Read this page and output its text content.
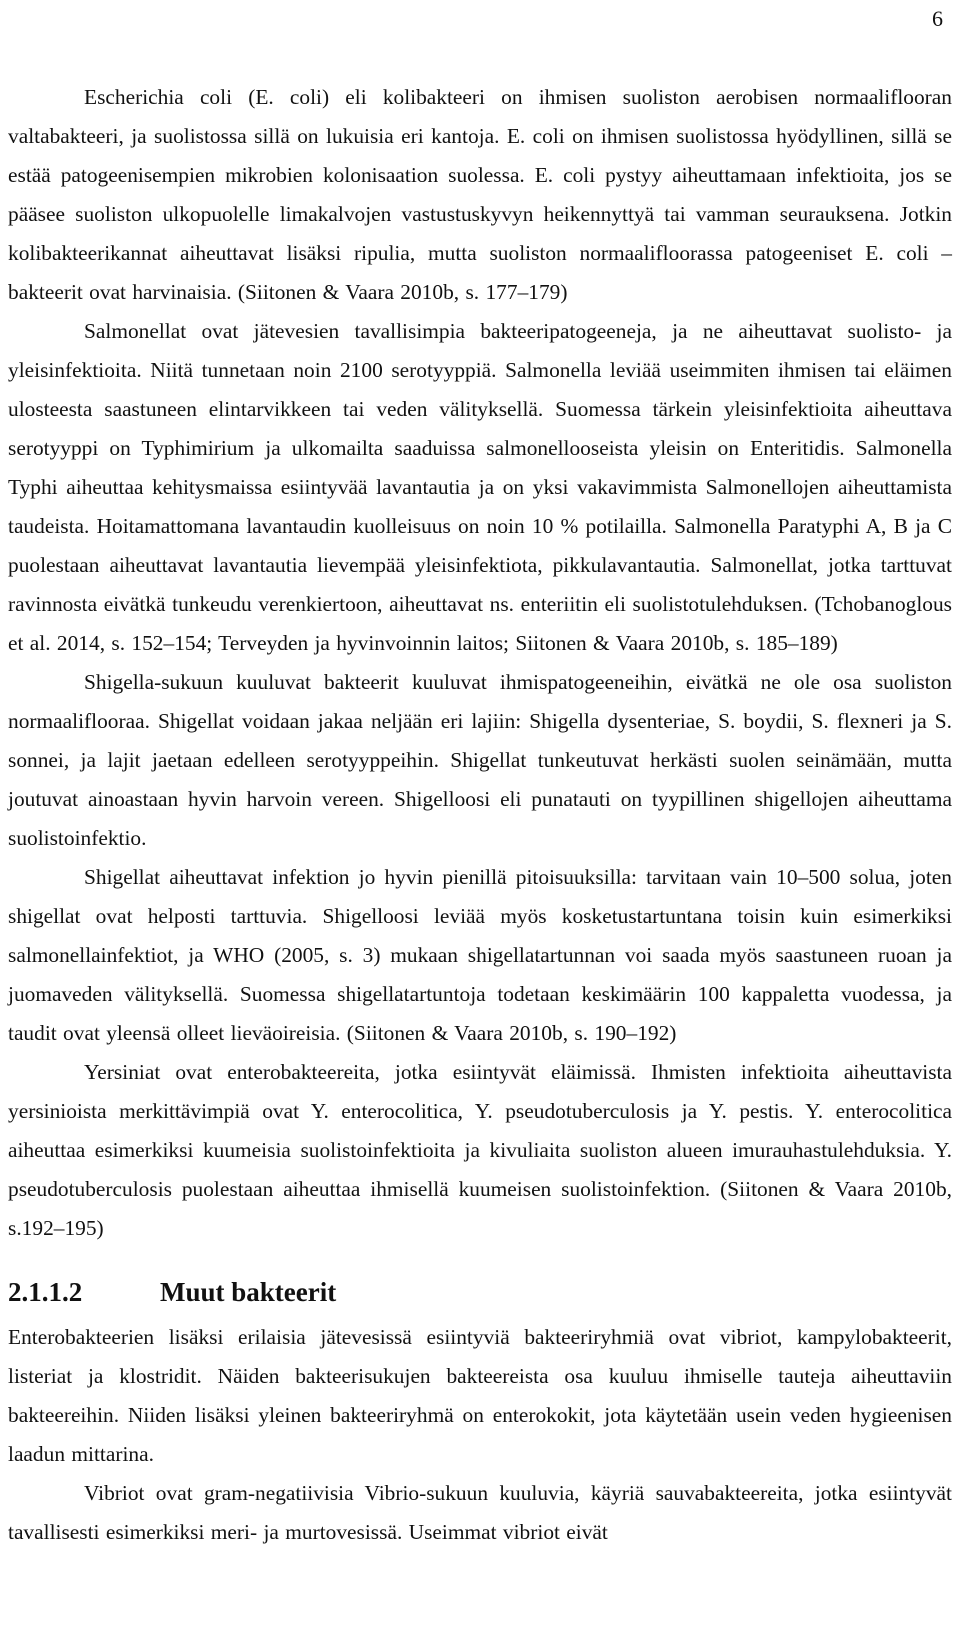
6

Escherichia coli (E. coli) eli kolibakteeri on ihmisen suoliston aerobisen normaaliflooran valtabakteeri, ja suolistossa sillä on lukuisia eri kantoja. E. coli on ihmisen suolistossa hyödyllinen, sillä se estää patogeenisempien mikrobien kolonisaation suolessa. E. coli pystyy aiheuttamaan infektioita, jos se pääsee suoliston ulkopuolelle limakalvojen vastustuskyvyn heikennyttyä tai vamman seurauksena. Jotkin kolibakteerikannat aiheuttavat lisäksi ripulia, mutta suoliston normaalifloorassa patogeeniset E. coli – bakteerit ovat harvinaisia. (Siitonen & Vaara 2010b, s. 177–179)

Salmonellat ovat jätevesien tavallisimpia bakteeripatogeeneja, ja ne aiheuttavat suolisto- ja yleisinfektioita. Niitä tunnetaan noin 2100 serotyyppiä. Salmonella leviää useimmiten ihmisen tai eläimen ulosteesta saastuneen elintarvikkeen tai veden välityksellä. Suomessa tärkein yleisinfektioita aiheuttava serotyyppi on Typhimirium ja ulkomailta saaduissa salmonellooseista yleisin on Enteritidis. Salmonella Typhi aiheuttaa kehitysmaissa esiintyvää lavantautia ja on yksi vakavimmista Salmonellojen aiheuttamista taudeista. Hoitamattomana lavantaudin kuolleisuus on noin 10 % potilailla. Salmonella Paratyphi A, B ja C puolestaan aiheuttavat lavantautia lievempää yleisinfektiota, pikkulavantautia. Salmonellat, jotka tarttuvat ravinnosta eivätkä tunkeudu verenkiertoon, aiheuttavat ns. enteriitin eli suolistotulehduksen. (Tchobanoglous et al. 2014, s. 152–154; Terveyden ja hyvinvoinnin laitos; Siitonen & Vaara 2010b, s. 185–189)

Shigella-sukuun kuuluvat bakteerit kuuluvat ihmispatogeeneihin, eivätkä ne ole osa suoliston normaaliflooraa. Shigellat voidaan jakaa neljään eri lajiin: Shigella dysenteriae, S. boydii, S. flexneri ja S. sonnei, ja lajit jaetaan edelleen serotyyppeihin. Shigellat tunkeutuvat herkästi suolen seinämään, mutta joutuvat ainoastaan hyvin harvoin vereen. Shigelloosi eli punatauti on tyypillinen shigellojen aiheuttama suolistoinfektio.

Shigellat aiheuttavat infektion jo hyvin pienillä pitoisuuksilla: tarvitaan vain 10–500 solua, joten shigellat ovat helposti tarttuvia. Shigelloosi leviää myös kosketustartuntana toisin kuin esimerkiksi salmonellainfektiot, ja WHO (2005, s. 3) mukaan shigellatartunnan voi saada myös saastuneen ruoan ja juomaveden välityksellä. Suomessa shigellatartuntoja todetaan keskimäärin 100 kappaletta vuodessa, ja taudit ovat yleensä olleet lieväoireisia. (Siitonen & Vaara 2010b, s. 190–192)

Yersiniat ovat enterobakteereita, jotka esiintyvät eläimissä. Ihmisten infektioita aiheuttavista yersinioista merkittävimpiä ovat Y. enterocolitica, Y. pseudotuberculosis ja Y. pestis. Y. enterocolitica aiheuttaa esimerkiksi kuumeisia suolistoinfektioita ja kivuliaita suoliston alueen imurauhastulehduksia. Y. pseudotuberculosis puolestaan aiheuttaa ihmisellä kuumeisen suolistoinfektion. (Siitonen & Vaara 2010b, s.192–195)

2.1.1.2	Muut bakteerit

Enterobakteerien lisäksi erilaisia jätevesissä esiintyviä bakteeriryhmiä ovat vibriot, kampylobakteerit, listeriat ja klostridit. Näiden bakteerisukujen bakteereista osa kuuluu ihmiselle tauteja aiheuttaviin bakteereihin. Niiden lisäksi yleinen bakteeriryhmä on enterokokit, jota käytetään usein veden hygieenisen laadun mittarina.

Vibriot ovat gram-negatiivisia Vibrio-sukuun kuuluvia, käyriä sauvabakteereita, jotka esiintyvät tavallisesti esimerkiksi meri- ja murtovesissä. Useimmat vibriot eivät
